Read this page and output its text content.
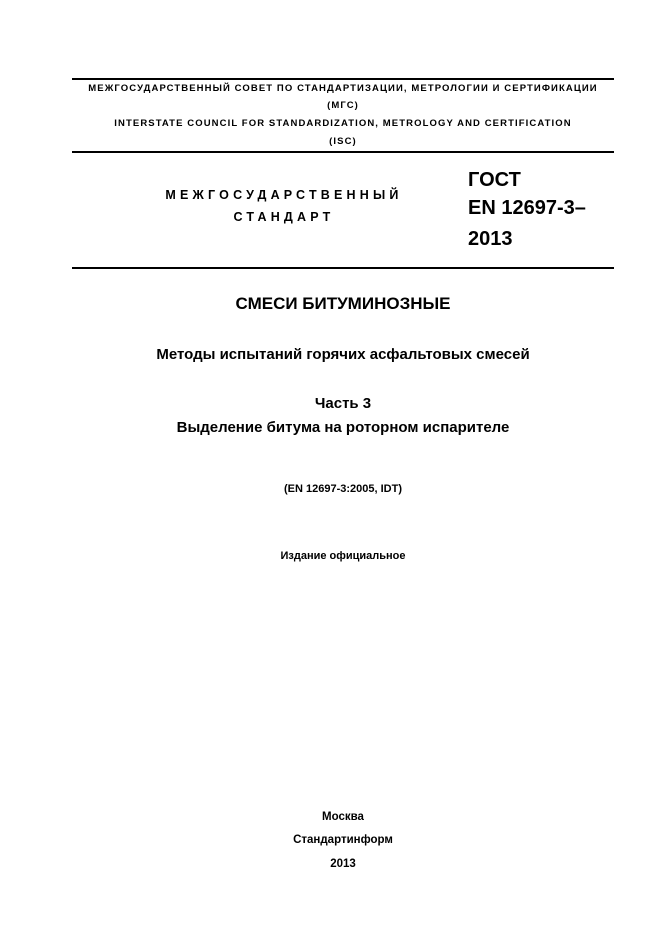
МЕЖГОСУДАРСТВЕННЫЙ СОВЕТ ПО СТАНДАРТИЗАЦИИ, МЕТРОЛОГИИ И СЕРТИФИКАЦИИ
(МГС)
INTERSTATE COUNCIL FOR STANDARDIZATION, METROLOGY AND CERTIFICATION
(ISC)
МЕЖГОСУДАРСТВЕННЫЙ
СТАНДАРТ
ГОСТ
EN 12697-3–
2013
СМЕСИ БИТУМИНОЗНЫЕ
Методы испытаний горячих асфальтовых смесей
Часть 3
Выделение битума на роторном испарителе
(EN 12697-3:2005, IDT)
Издание официальное
Москва
Стандартинформ
2013
